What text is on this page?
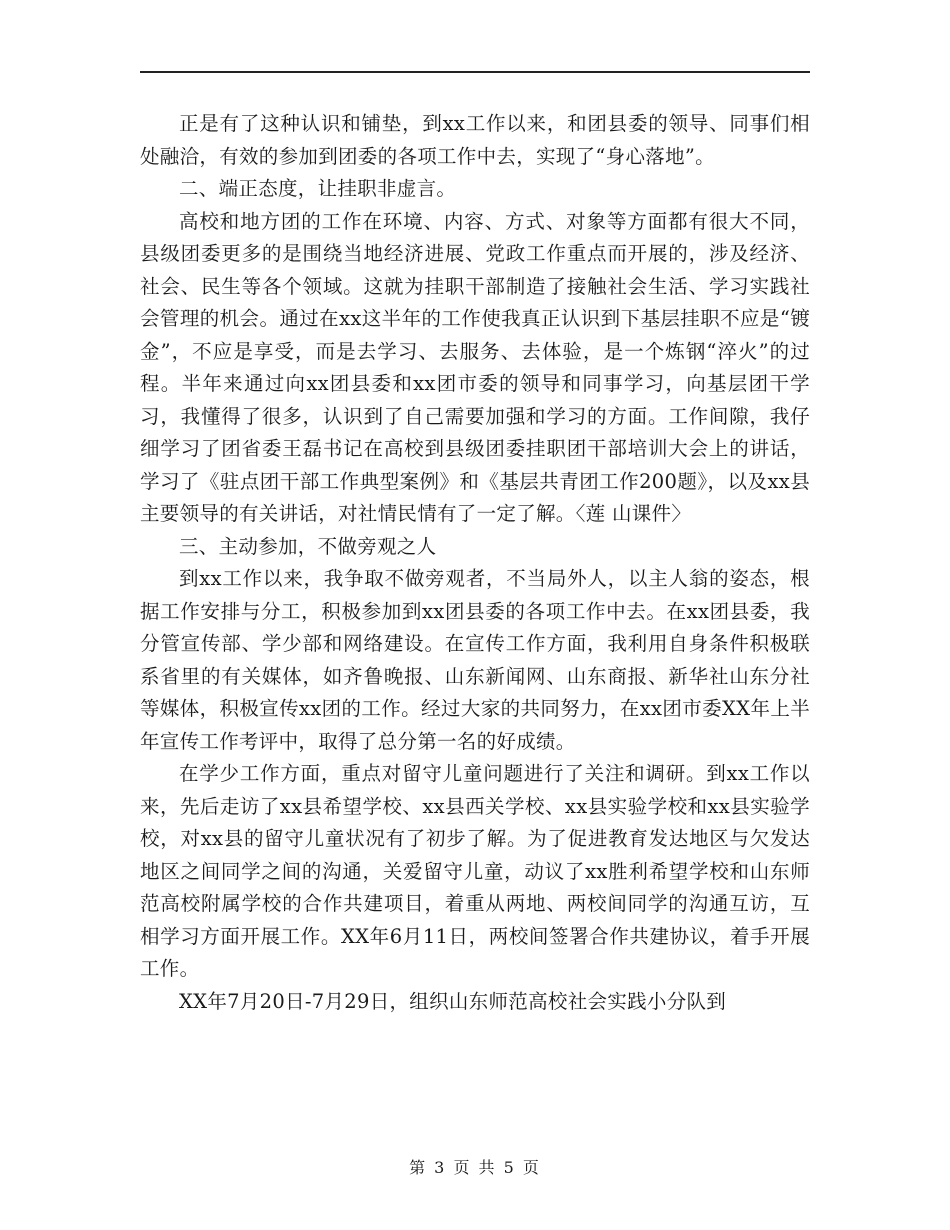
正是有了这种认识和铺垫，到xx工作以来，和团县委的领导、同事们相处融洽，有效的参加到团委的各项工作中去，实现了“身心落地”。

二、端正态度，让挂职非虚言。

高校和地方团的工作在环境、内容、方式、对象等方面都有很大不同，县级团委更多的是围绕当地经济进展、党政工作重点而开展的，涉及经济、社会、民生等各个领域。这就为挂职干部制造了接触社会生活、学习实践社会管理的机会。通过在xx这半年的工作使我真正认识到下基层挂职不应是“镀金”，不应是享受，而是去学习、去服务、去体验，是一个炼钢“淬火”的过程。半年来通过向xx团县委和xx团市委的领导和同事学习，向基层团干学习，我懂得了很多，认识到了自己需要加强和学习的方面。工作间隙，我仔细学习了团省委王磊书记在高校到县级团委挂职团干部培训大会上的讲话，学习了《驻点团干部工作典型案例》和《基层共青团工作200题》，以及xx县主要领导的有关讲话，对社情民情有了一定了解。〈莲 山课件〉

三、主动参加，不做旁观之人

到xx工作以来，我争取不做旁观者，不当局外人，以主人翁的姿态，根据工作安排与分工，积极参加到xx团县委的各项工作中去。在xx团县委，我分管宣传部、学少部和网络建设。在宣传工作方面，我利用自身条件积极联系省里的有关媒体，如齐鲁晚报、山东新闻网、山东商报、新华社山东分社等媒体，积极宣传xx团的工作。经过大家的共同努力，在xx团市委XX年上半年宣传工作考评中，取得了总分第一名的好成绩。

在学少工作方面，重点对留守儿童问题进行了关注和调研。到xx工作以来，先后走访了xx县希望学校、xx县西关学校、xx县实验学校和xx县实验学校，对xx县的留守儿童状况有了初步了解。为了促进教育发达地区与欠发达地区之间同学之间的沟通，关爱留守儿童，动议了xx胜利希望学校和山东师范高校附属学校的合作共建项目，着重从两地、两校间同学的沟通互访，互相学习方面开展工作。XX年6月11日，两校间签署合作共建协议，着手开展工作。

XX年7月20日-7月29日，组织山东师范高校社会实践小分队到

第 3 页 共 5 页
